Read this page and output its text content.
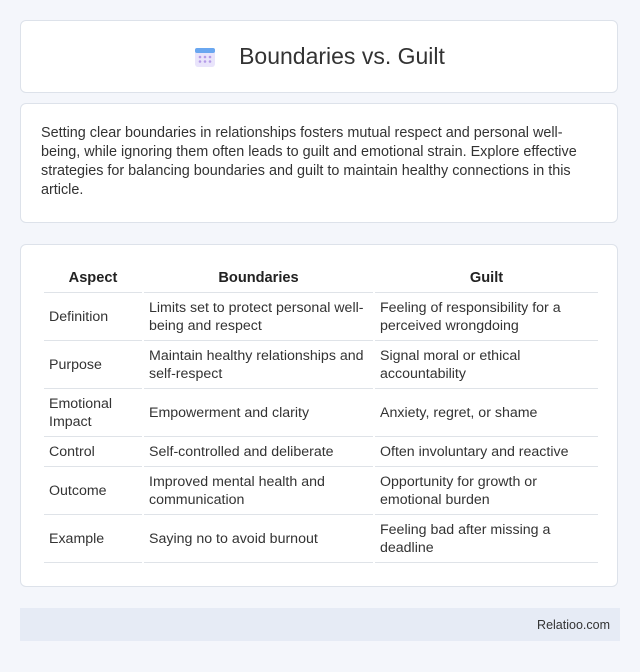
Boundaries vs. Guilt

Setting clear boundaries in relationships fosters mutual respect and personal well-being, while ignoring them often leads to guilt and emotional strain. Explore effective strategies for balancing boundaries and guilt to maintain healthy connections in this article.

Aspect	Boundaries	Guilt
Definition	Limits set to protect personal well-being and respect	Feeling of responsibility for a perceived wrongdoing
Purpose	Maintain healthy relationships and self-respect	Signal moral or ethical accountability
Emotional Impact	Empowerment and clarity	Anxiety, regret, or shame
Control	Self-controlled and deliberate	Often involuntary and reactive
Outcome	Improved mental health and communication	Opportunity for growth or emotional burden
Example	Saying no to avoid burnout	Feeling bad after missing a deadline
Relatioo.com
